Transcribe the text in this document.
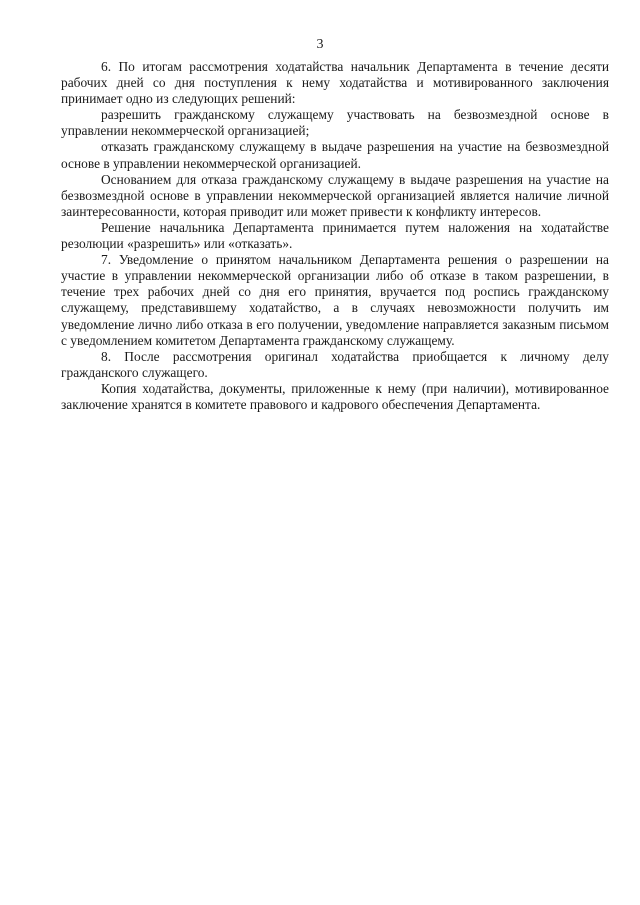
3

6. По итогам рассмотрения ходатайства начальник Департамента в течение десяти рабочих дней со дня поступления к нему ходатайства и мотивированного заключения принимает одно из следующих решений:

разрешить гражданскому служащему участвовать на безвозмездной основе в управлении некоммерческой организацией;

отказать гражданскому служащему в выдаче разрешения на участие на безвозмездной основе в управлении некоммерческой организацией.

Основанием для отказа гражданскому служащему в выдаче разрешения на участие на безвозмездной основе в управлении некоммерческой организацией является наличие личной заинтересованности, которая приводит или может привести к конфликту интересов.

Решение начальника Департамента принимается путем наложения на ходатайстве резолюции «разрешить» или «отказать».

7. Уведомление о принятом начальником Департамента решения о разрешении на участие в управлении некоммерческой организации либо об отказе в таком разрешении, в течение трех рабочих дней со дня его принятия, вручается под роспись гражданскому служащему, представившему ходатайство, а в случаях невозможности получить им уведомление лично либо отказа в его получении, уведомление направляется заказным письмом с уведомлением комитетом Департамента гражданскому служащему.

8. После рассмотрения оригинал ходатайства приобщается к личному делу гражданского служащего.

Копия ходатайства, документы, приложенные к нему (при наличии), мотивированное заключение хранятся в комитете правового и кадрового обеспечения Департамента.
